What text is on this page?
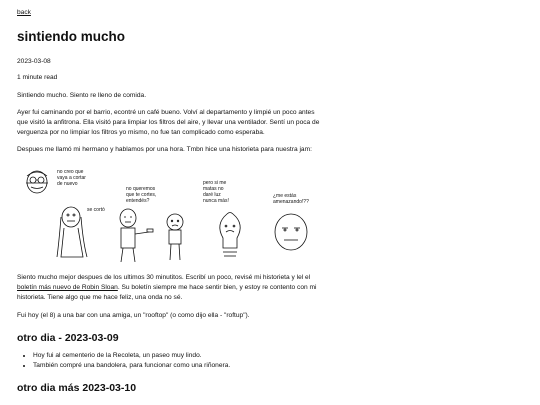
back
sintiendo mucho

2023-03-08

1 minute read

Sintiendo mucho. Siento re lleno de comida.

Ayer fui caminando por el barrio, econtré un café bueno. Volví al departamento y limpié un poco antes que visitó la anfitrona. Ella visitó para limpiar los filtros del aire, y llevar una ventilador. Sentí un poca de verguenza por no limpiar los filtros yo mismo, no fue tan complicado como esperaba.

Despues me llamó mi hermano y hablamos por una hora. Tmbn hice una historieta para nuestra jam:

no creo que
vaya a cortar
de nuevo
se cortó
no queremos
que te cortes,
entendés?
pero si me
matas no
daré luz
nunca más!
¿me estás
amenazando!??

Siento mucho mejor despues de los ultimos 30 minutitos. Escribí un poco, revisé mi historieta y lel el boletín más nuevo de Robin Sloan. Su boletín siempre me hace sentir bien, y estoy re contento con mi historieta. Tiene algo que me hace feliz, una onda no sé.

Fui hoy (el 8) a una bar con una amiga, un "rooftop" (o como dijo ella - "roftup").

otro dia - 2023-03-09
• Hoy fui al cementerio de la Recoleta, un paseo muy lindo.
• También compré una bandolera, para funcionar como una riñonera.
otro dia más 2023-03-10
